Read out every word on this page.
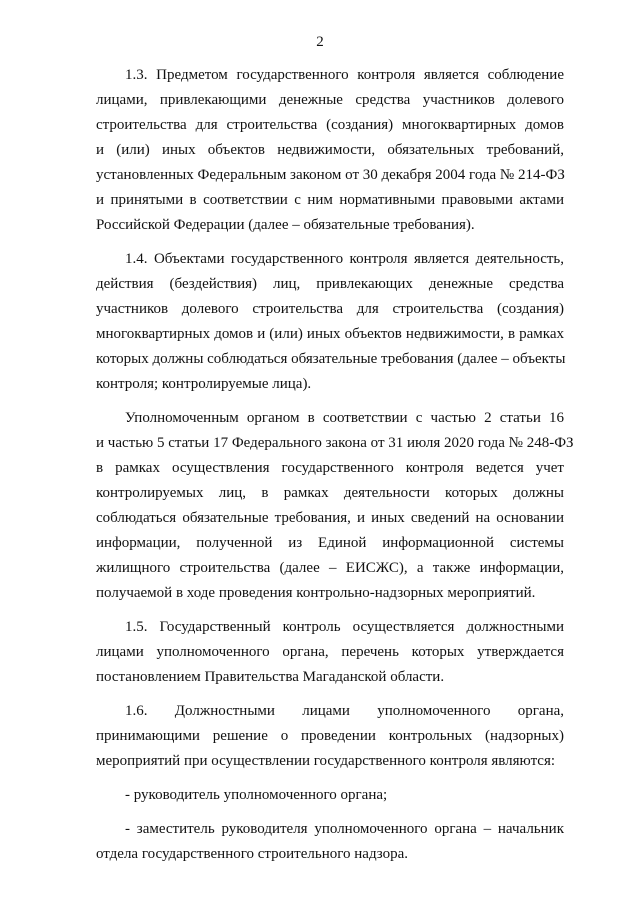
2
1.3. Предметом государственного контроля является соблюдение
лицами, привлекающими денежные средства участников долевого
строительства для строительства (создания) многоквартирных домов
и (или) иных объектов недвижимости, обязательных требований,
установленных Федеральным законом от 30 декабря 2004 года № 214-ФЗ
и принятыми в соответствии с ним нормативными правовыми актами
Российской Федерации (далее – обязательные требования).
1.4. Объектами государственного контроля является деятельность,
действия (бездействия) лиц, привлекающих денежные средства
участников долевого строительства для строительства (создания)
многоквартирных домов и (или) иных объектов недвижимости, в рамках
которых должны соблюдаться обязательные требования (далее – объекты
контроля; контролируемые лица).
Уполномоченным органом в соответствии с частью 2 статьи 16
и частью 5 статьи 17 Федерального закона от 31 июля 2020 года № 248-ФЗ
в рамках осуществления государственного контроля ведется учет
контролируемых лиц, в рамках деятельности которых должны
соблюдаться обязательные требования, и иных сведений на основании
информации, полученной из Единой информационной системы
жилищного строительства (далее – ЕИСЖС), а также информации,
получаемой в ходе проведения контрольно-надзорных мероприятий.
1.5. Государственный контроль осуществляется должностными
лицами уполномоченного органа, перечень которых утверждается
постановлением Правительства Магаданской области.
1.6. Должностными лицами уполномоченного органа,
принимающими решение о проведении контрольных (надзорных)
мероприятий при осуществлении государственного контроля являются:
- руководитель уполномоченного органа;
- заместитель руководителя уполномоченного органа – начальник
отдела государственного строительного надзора.
